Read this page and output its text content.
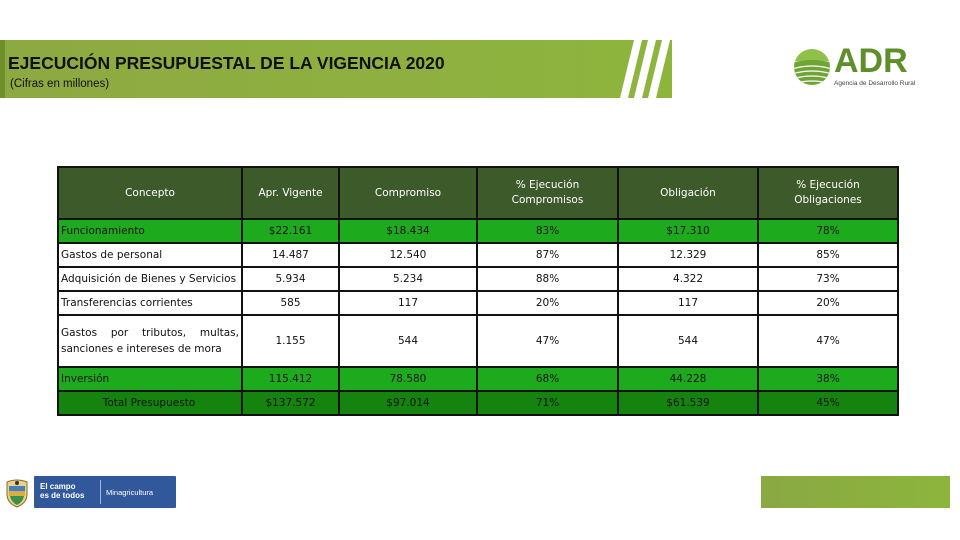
EJECUCIÓN PRESUPUESTAL DE LA VIGENCIA 2020
(Cifras en millones)
ADR
Agencia de Desarrollo Rural
Concepto	Apr. Vigente	Compromiso	% Ejecución Compromisos	Obligación	% Ejecución Obligaciones
Funcionamiento	$22.161	$18.434	83%	$17.310	78%
Gastos de personal	14.487	12.540	87%	12.329	85%
Adquisición de Bienes y Servicios	5.934	5.234	88%	4.322	73%
Transferencias corrientes	585	117	20%	117	20%
Gastos por tributos, multas, sanciones e intereses de mora	1.155	544	47%	544	47%
Inversión	115.412	78.580	68%	44.228	38%
Total Presupuesto	$137.572	$97.014	71%	$61.539	45%
El campo
es de todos	Minagricultura
